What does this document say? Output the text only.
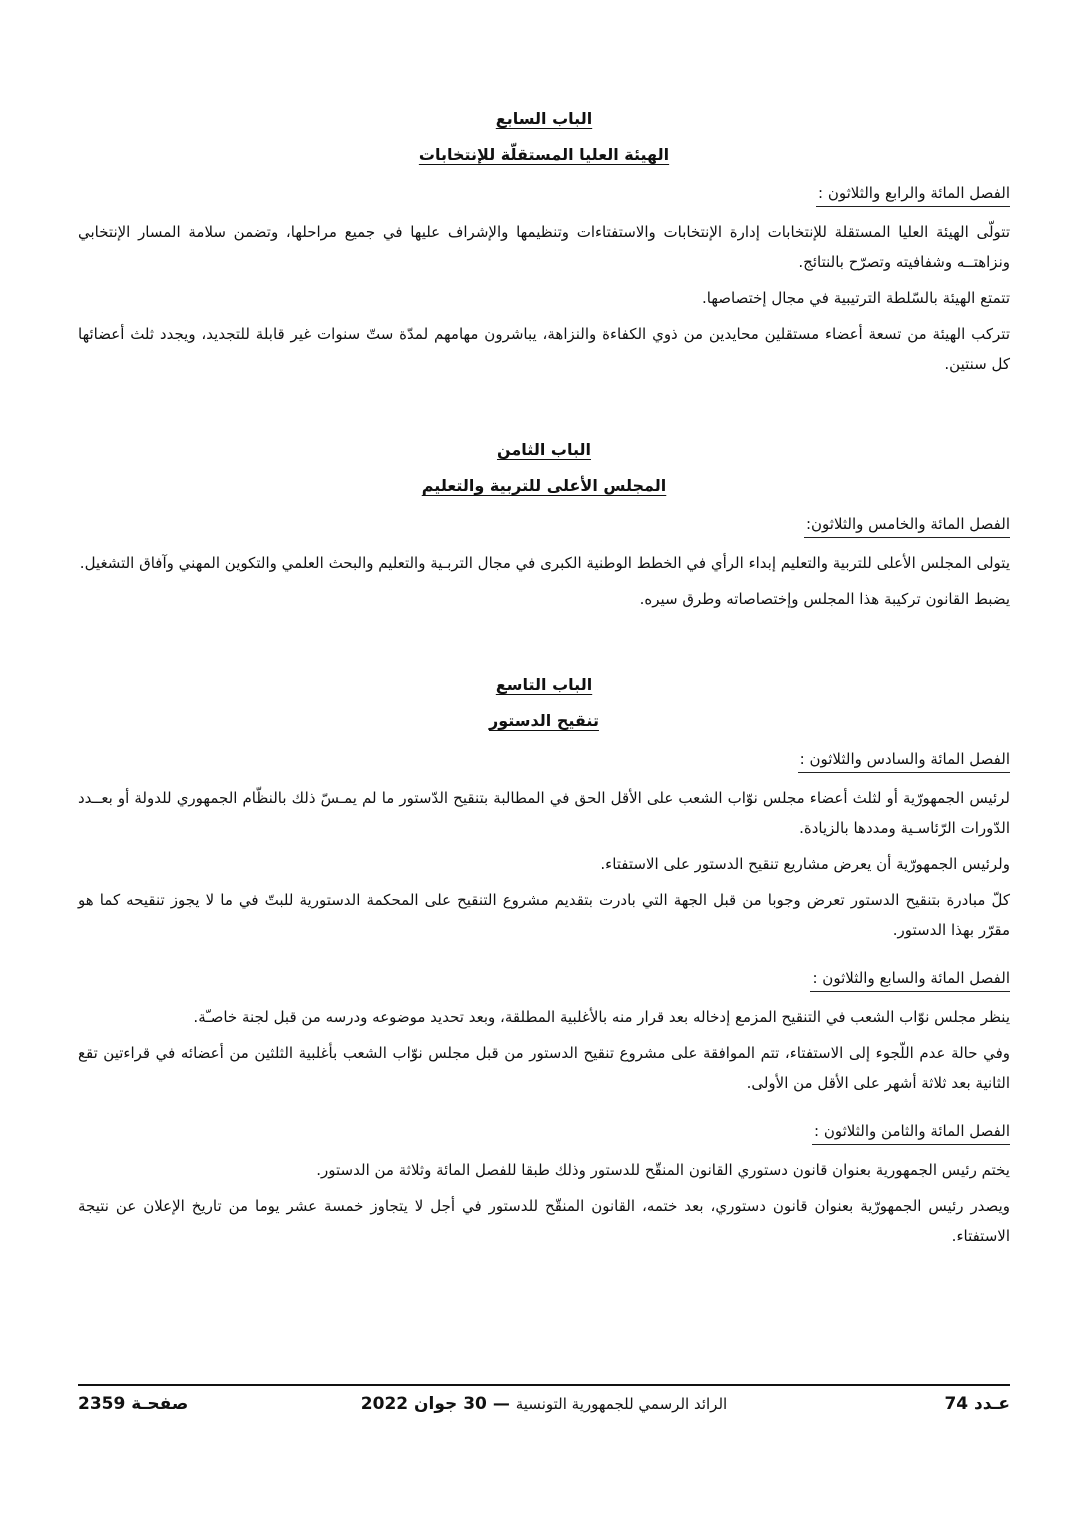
الباب السابع
الهيئة العليا المستقلّة للإنتخابات
الفصل المائة والرابع والثلاثون :

تتولّى الهيئة العليا المستقلة للإنتخابات إدارة الإنتخابات والاستفتاءات وتنظيمها والإشراف عليها في جميع مراحلها، وتضمن سلامة المسار الإنتخابي ونزاهتــه وشفافيته وتصرّح بالنتائج.

تتمتع الهيئة بالسّلطة الترتيبية في مجال إختصاصها.

تتركب الهيئة من تسعة أعضاء مستقلين محايدين من ذوي الكفاءة والنزاهة، يباشرون مهامهم لمدّة ستّ سنوات غير قابلة للتجديد، ويجدد ثلث أعضائها كل سنتين.

الباب الثامن
المجلس الأعلى للتربية والتعليم
الفصل المائة والخامس والثلاثون:

يتولى المجلس الأعلى للتربية والتعليم إبداء الرأي في الخطط الوطنية الكبرى في مجال التربـية والتعليم والبحث العلمي والتكوين المهني وآفاق التشغيل.

يضبط القانون تركيبة هذا المجلس وإختصاصاته وطرق سيره.

الباب التاسع
تنقيح الدستور
الفصل المائة والسادس والثلاثون :

لرئيس الجمهورّية أو لثلث أعضاء مجلس نوّاب الشعب على الأقل الحق في المطالبة بتنقيح الدّستور ما لم يمـسّ ذلك بالنظّام الجمهوري للدولة أو بعــدد الدّورات الرّئاسـية ومددها بالزيادة.

ولرئيس الجمهورّية أن يعرض مشاريع تنقيح الدستور على الاستفتاء.

كلّ مبادرة بتنقيح الدستور تعرض وجوبا من قبل الجهة التي بادرت بتقديم مشروع التنقيح على المحكمة الدستورية للبتّ في ما لا يجوز تنقيحه كما هو مقرّر بهذا الدستور.

الفصل المائة والسابع والثلاثون :

ينظر مجلس نوّاب الشعب في التنقيح المزمع إدخاله بعد قرار منه بالأغلبية المطلقة، وبعد تحديد موضوعه ودرسه من قبل لجنة خاصـّة.

وفي حالة عدم اللّجوء إلى الاستفتاء، تتم الموافقة على مشروع تنقيح الدستور من قبل مجلس نوّاب الشعب بأغلبية الثلثين من أعضائه في قراءتين تقع الثانية بعد ثلاثة أشهر على الأقل من الأولى.

الفصل المائة والثامن والثلاثون :

يختم رئيس الجمهورية بعنوان قانون دستوري القانون المنقّح للدستور وذلك طبقا للفصل المائة وثلاثة من الدستور.

ويصدر رئيس الجمهورّية بعنوان قانون دستوري، بعد ختمه، القانون المنقّح للدستور في أجل لا يتجاوز خمسة عشر يوما من تاريخ الإعلان عن نتيجة الاستفتاء.

عـدد 74
الرائد الرسمي للجمهورية التونسية — 30 جوان 2022
صفحـة 2359
